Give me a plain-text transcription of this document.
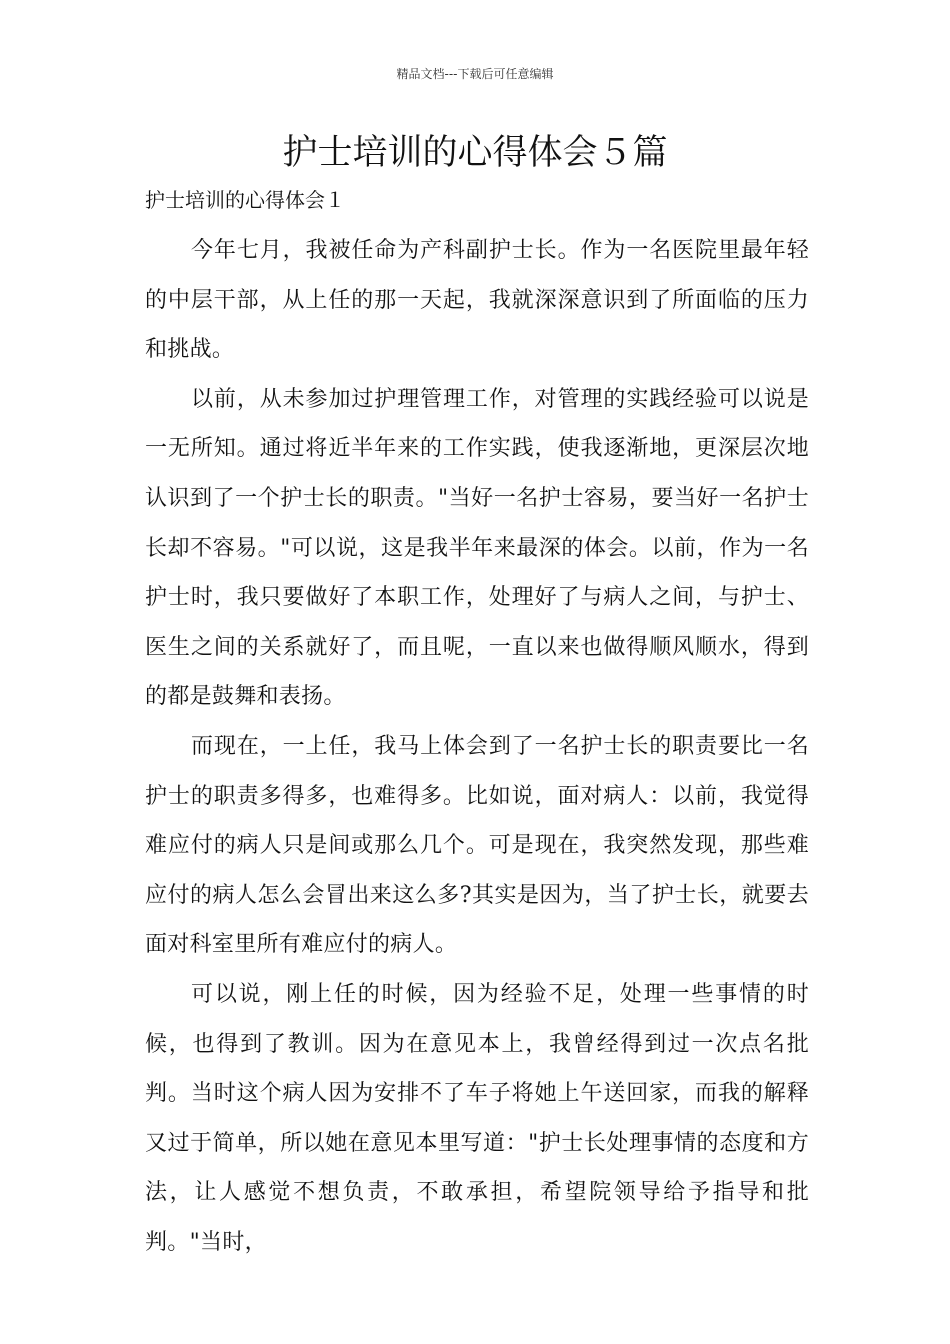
精品文档---下载后可任意编辑
护士培训的心得体会５篇
护士培训的心得体会１

今年七月，我被任命为产科副护士长。作为一名医院里最年轻的中层干部，从上任的那一天起，我就深深意识到了所面临的压力和挑战。

以前，从未参加过护理管理工作，对管理的实践经验可以说是一无所知。通过将近半年来的工作实践，使我逐渐地，更深层次地认识到了一个护士长的职责。"当好一名护士容易，要当好一名护士长却不容易。"可以说，这是我半年来最深的体会。以前，作为一名护士时，我只要做好了本职工作，处理好了与病人之间，与护士、医生之间的关系就好了，而且呢，一直以来也做得顺风顺水，得到的都是鼓舞和表扬。

而现在，一上任，我马上体会到了一名护士长的职责要比一名护士的职责多得多，也难得多。比如说，面对病人：以前，我觉得难应付的病人只是间或那么几个。可是现在，我突然发现，那些难应付的病人怎么会冒出来这么多?其实是因为，当了护士长，就要去面对科室里所有难应付的病人。

可以说，刚上任的时候，因为经验不足，处理一些事情的时候，也得到了教训。因为在意见本上，我曾经得到过一次点名批判。当时这个病人因为安排不了车子将她上午送回家，而我的解释又过于简单，所以她在意见本里写道："护士长处理事情的态度和方法，让人感觉不想负责，不敢承担，希望院领导给予指导和批判。"当时，
